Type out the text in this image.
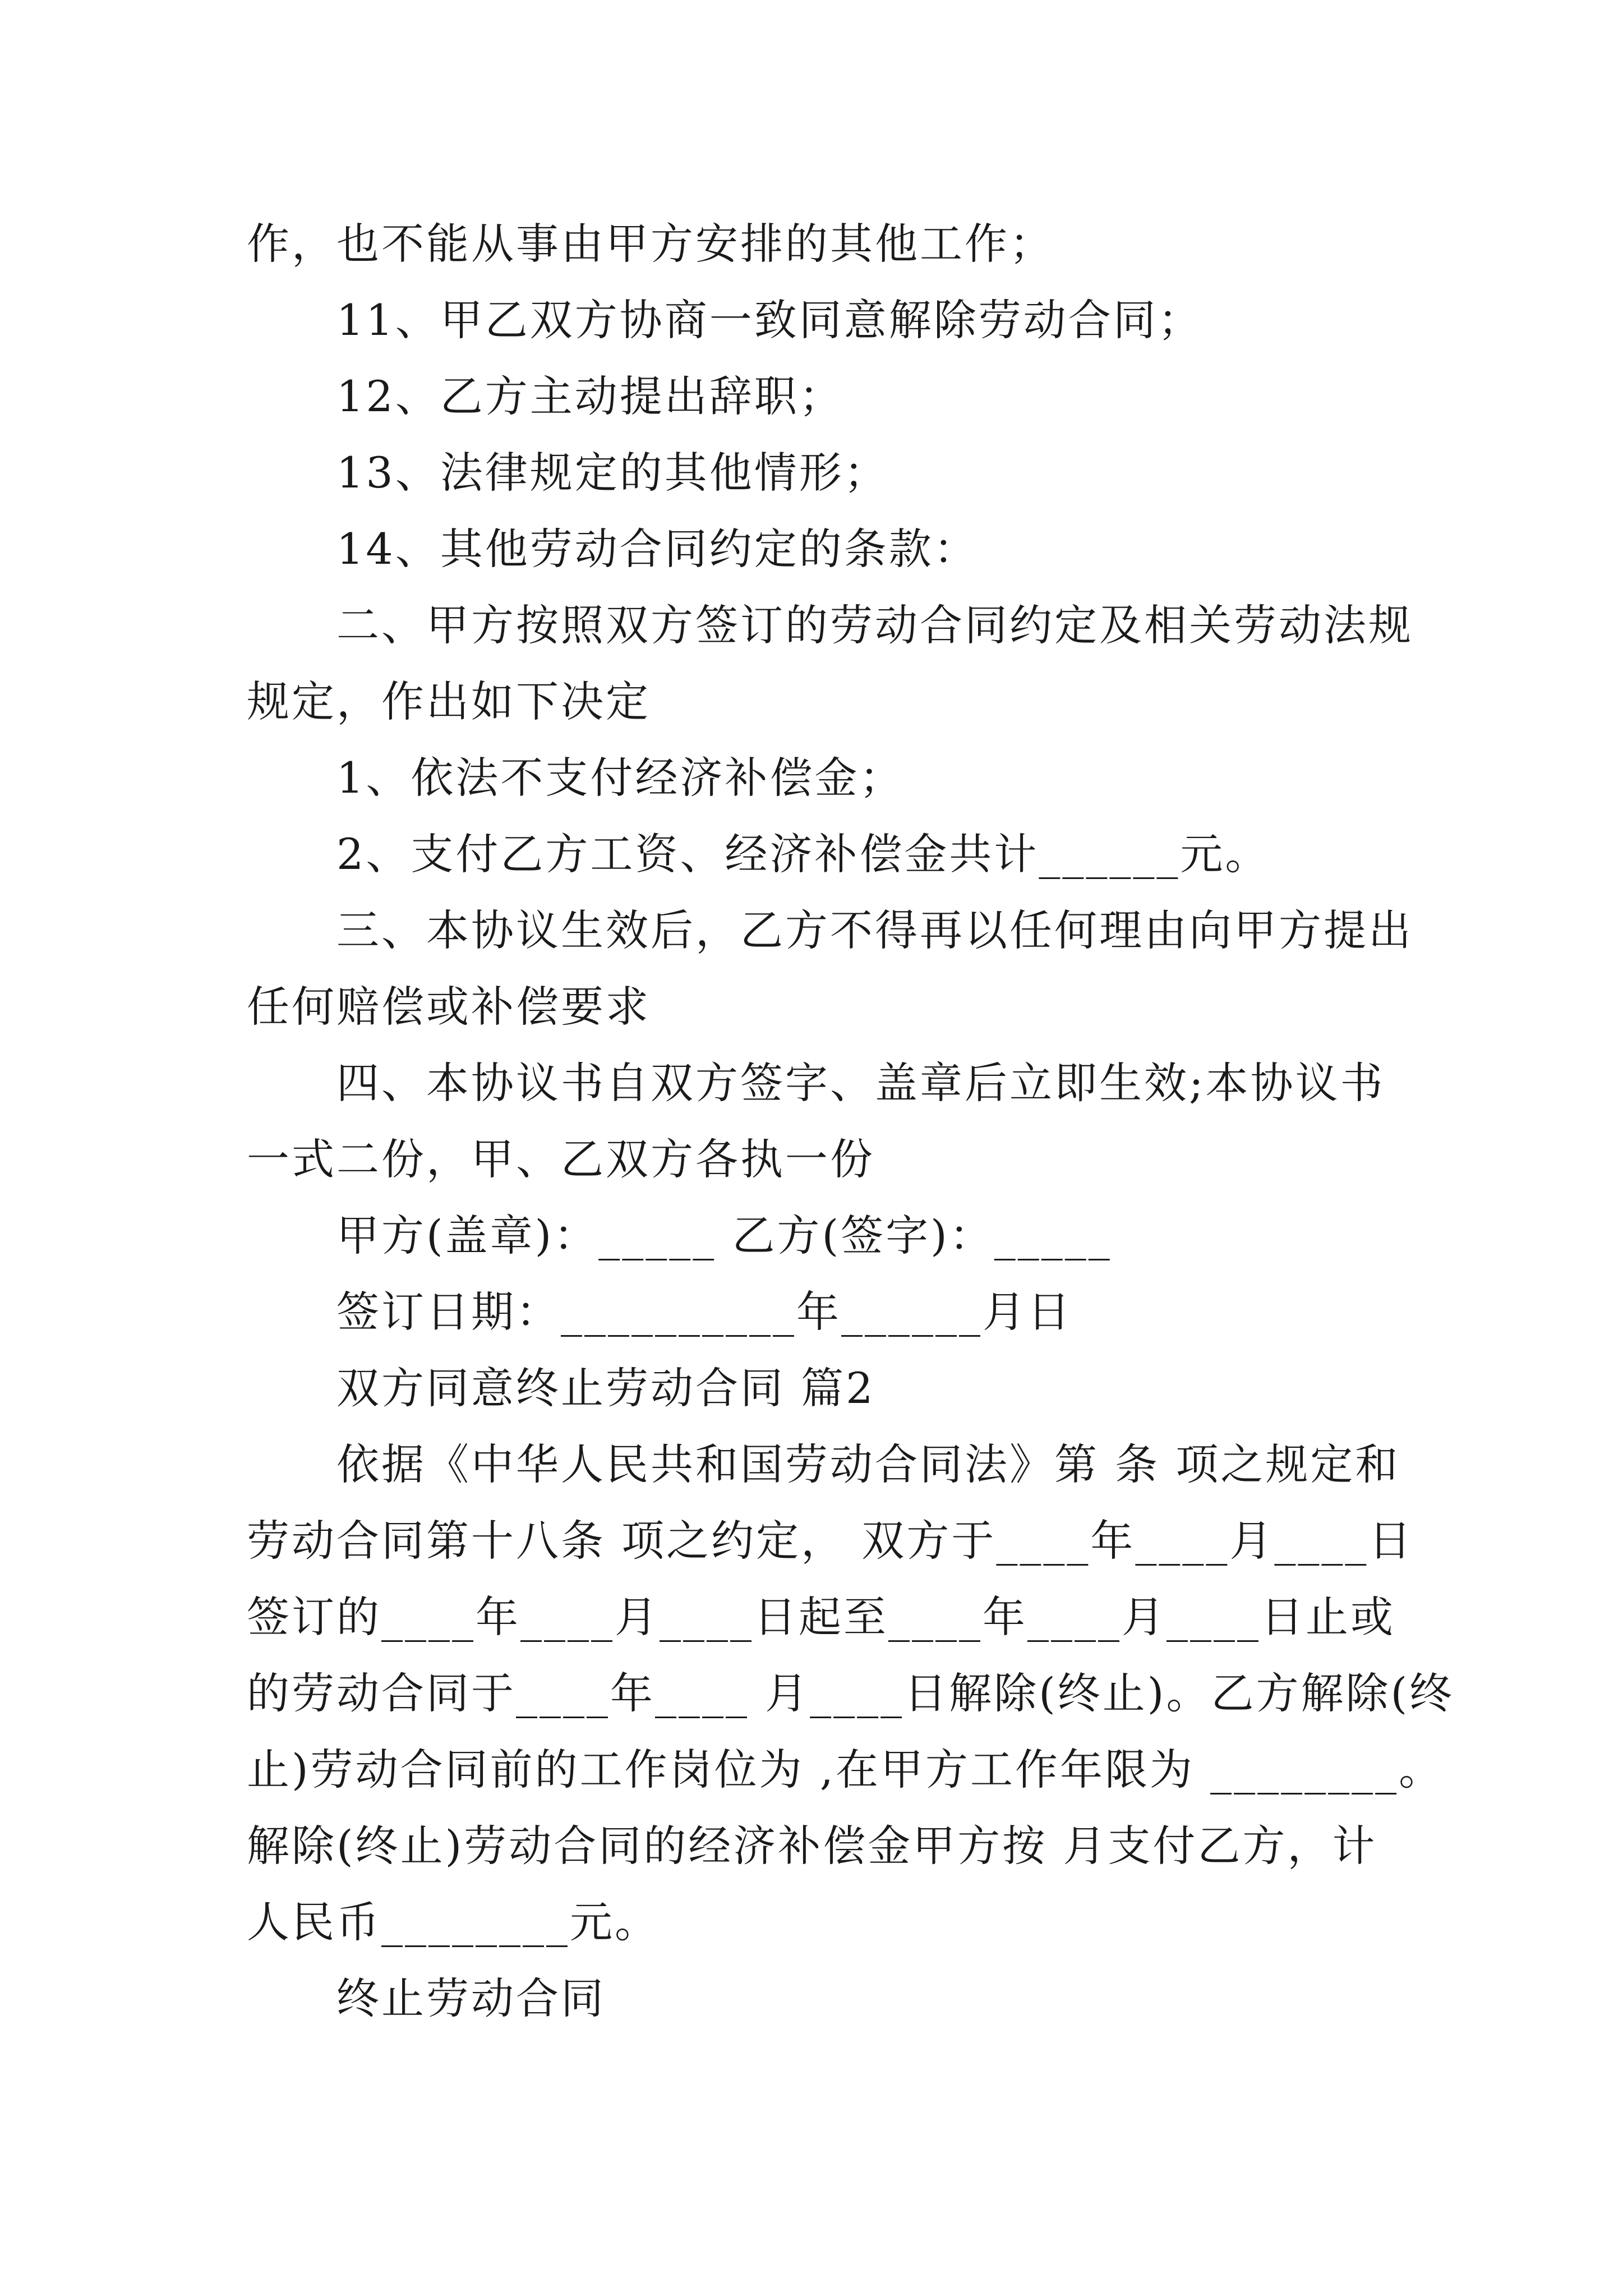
作，也不能从事由甲方安排的其他工作；
11、甲乙双方协商一致同意解除劳动合同；
12、乙方主动提出辞职；
13、法律规定的其他情形；
14、其他劳动合同约定的条款：
二、甲方按照双方签订的劳动合同约定及相关劳动法规
规定，作出如下决定
1、依法不支付经济补偿金；
2、支付乙方工资、经济补偿金共计______元。
三、本协议生效后，乙方不得再以任何理由向甲方提出
任何赔偿或补偿要求
四、本协议书自双方签字、盖章后立即生效;本协议书
一式二份，甲、乙双方各执一份
甲方(盖章)：_____ 乙方(签字)：_____
签订日期：__________年______月日
双方同意终止劳动合同 篇2
依据《中华人民共和国劳动合同法》第 条 项之规定和
劳动合同第十八条 项之约定， 双方于____年____月____日
签订的____年____月____日起至____年____月____日止或
的劳动合同于____年____ 月____日解除(终止)。乙方解除(终
止)劳动合同前的工作岗位为 ,在甲方工作年限为 ________。
解除(终止)劳动合同的经济补偿金甲方按 月支付乙方，计
人民币________元。
终止劳动合同
